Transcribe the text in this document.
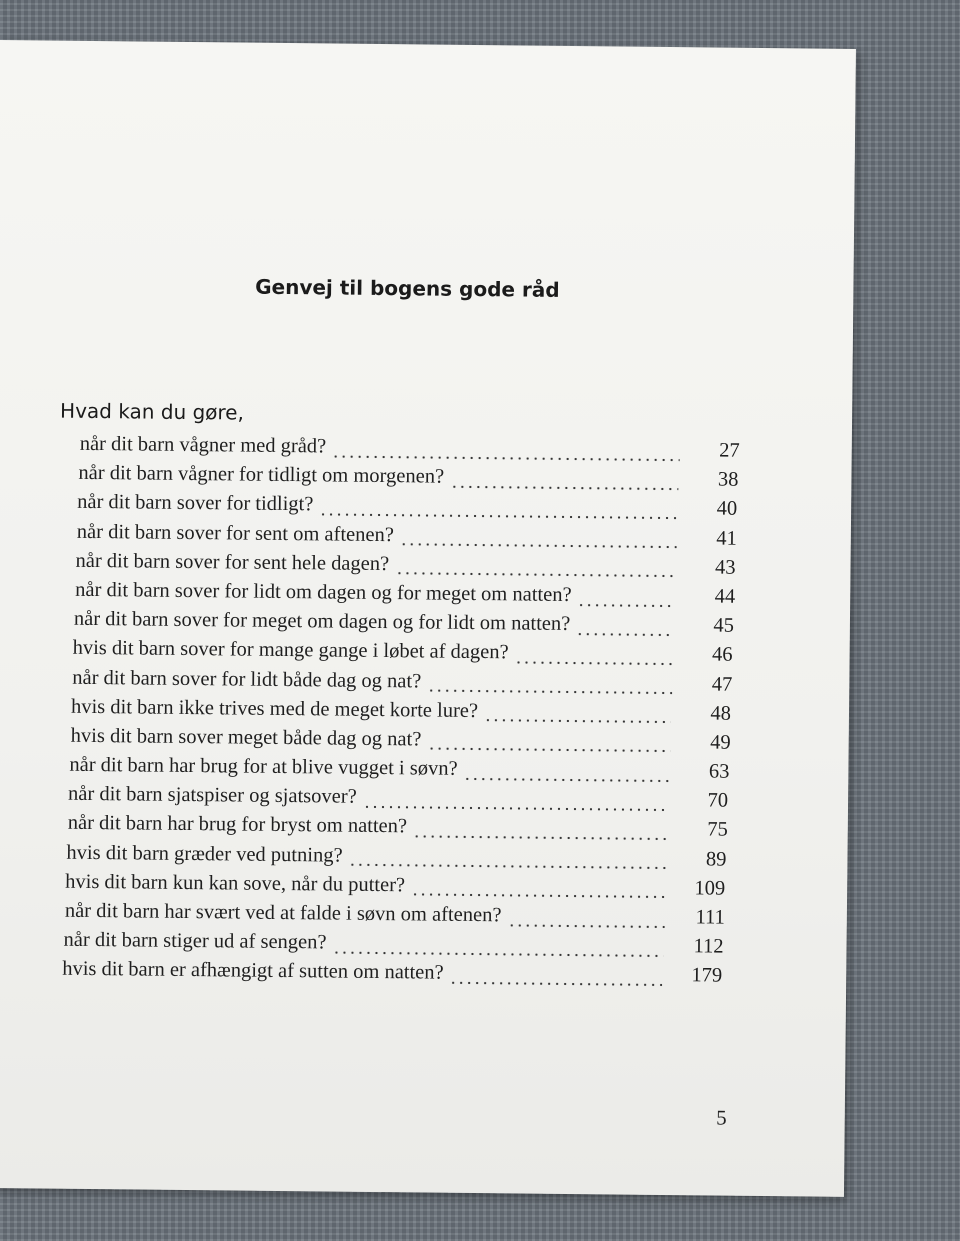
Genvej til bogens gode råd
Hvad kan du gøre,
når dit barn vågner med gråd?	27
når dit barn vågner for tidligt om morgenen?	38
når dit barn sover for tidligt?	40
når dit barn sover for sent om aftenen?	41
når dit barn sover for sent hele dagen?	43
når dit barn sover for lidt om dagen og for meget om natten?	44
når dit barn sover for meget om dagen og for lidt om natten?	45
hvis dit barn sover for mange gange i løbet af dagen?	46
når dit barn sover for lidt både dag og nat?	47
hvis dit barn ikke trives med de meget korte lure?	48
hvis dit barn sover meget både dag og nat?	49
når dit barn har brug for at blive vugget i søvn?	63
når dit barn sjatspiser og sjatsover?	70
når dit barn har brug for bryst om natten?	75
hvis dit barn græder ved putning?	89
hvis dit barn kun kan sove, når du putter?	109
når dit barn har svært ved at falde i søvn om aftenen?	111
når dit barn stiger ud af sengen?	112
hvis dit barn er afhængigt af sutten om natten?	179
5
